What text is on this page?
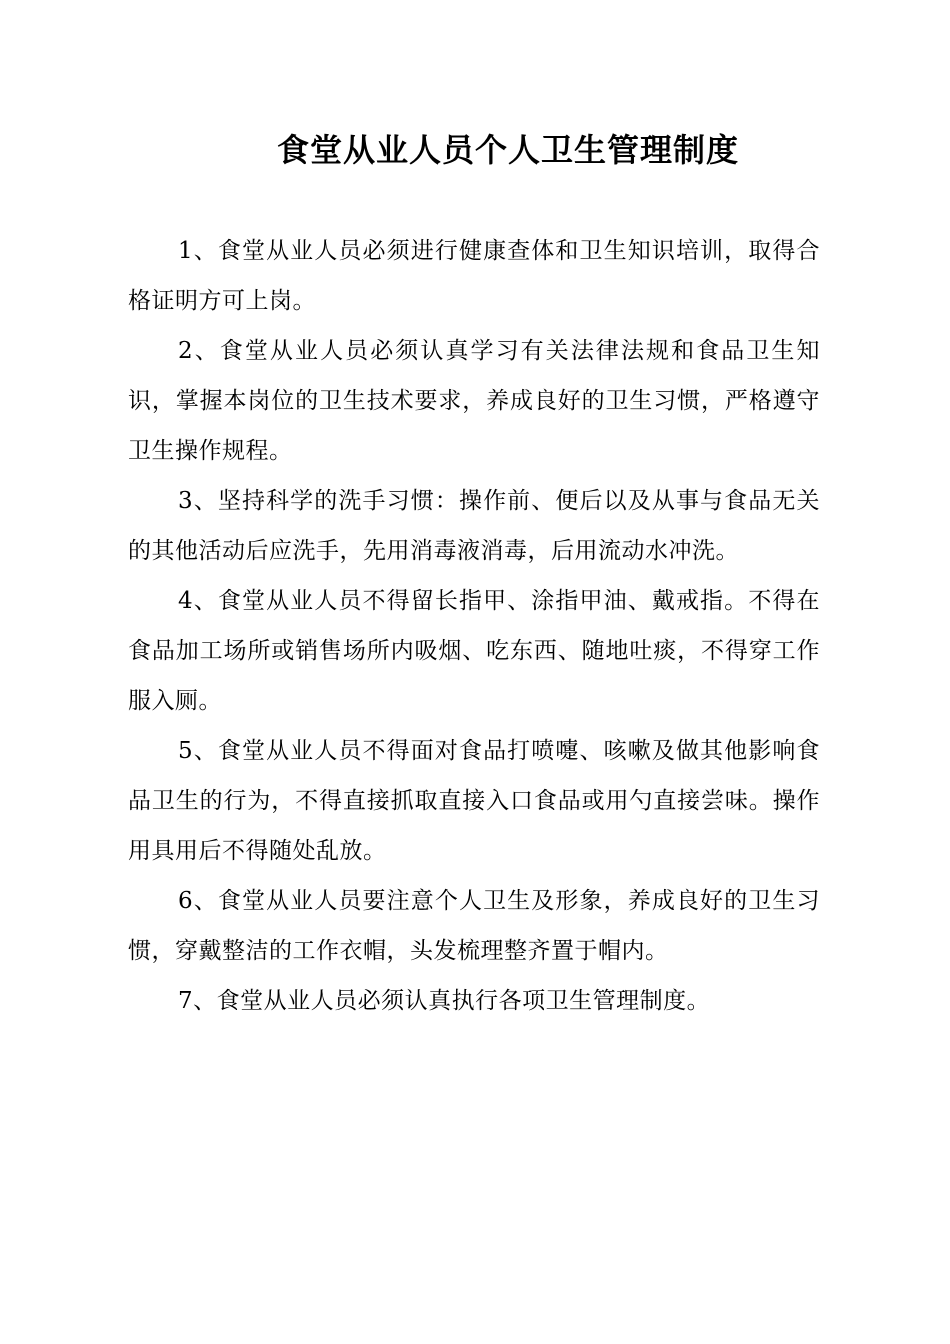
食堂从业人员个人卫生管理制度

1、食堂从业人员必须进行健康查体和卫生知识培训，取得合格证明方可上岗。

2、食堂从业人员必须认真学习有关法律法规和食品卫生知识，掌握本岗位的卫生技术要求，养成良好的卫生习惯，严格遵守卫生操作规程。

3、坚持科学的洗手习惯：操作前、便后以及从事与食品无关的其他活动后应洗手，先用消毒液消毒，后用流动水冲洗。

4、食堂从业人员不得留长指甲、涂指甲油、戴戒指。不得在食品加工场所或销售场所内吸烟、吃东西、随地吐痰，不得穿工作服入厕。

5、食堂从业人员不得面对食品打喷嚏、咳嗽及做其他影响食品卫生的行为，不得直接抓取直接入口食品或用勺直接尝味。操作用具用后不得随处乱放。

6、食堂从业人员要注意个人卫生及形象，养成良好的卫生习惯，穿戴整洁的工作衣帽，头发梳理整齐置于帽内。

7、食堂从业人员必须认真执行各项卫生管理制度。
